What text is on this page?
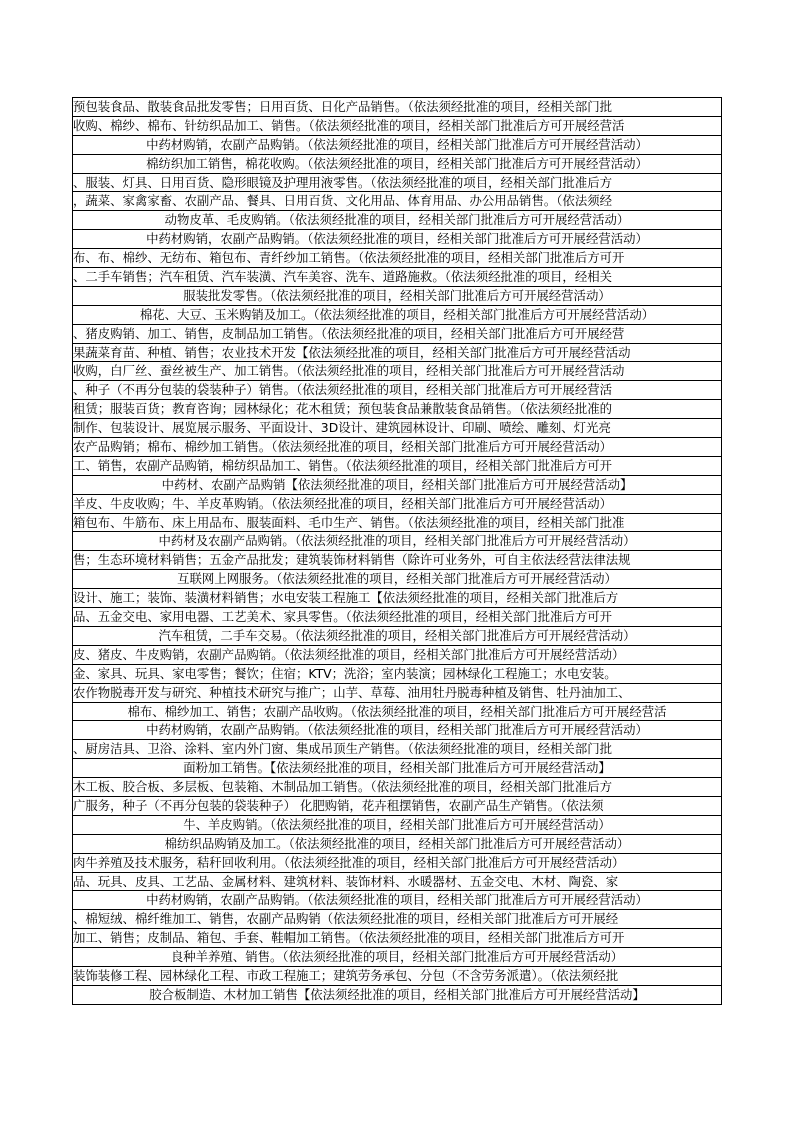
预包装食品、散装食品批发零售；日用百货、日化产品销售。（依法须经批准的项目，经相关部门批
收购、棉纱、棉布、针纺织品加工、销售。（依法须经批准的项目，经相关部门批准后方可开展经营活
中药材购销，农副产品购销。（依法须经批准的项目，经相关部门批准后方可开展经营活动）
棉纺织加工销售，棉花收购。（依法须经批准的项目，经相关部门批准后方可开展经营活动）
、服装、灯具、日用百货、隐形眼镜及护理用液零售。（依法须经批准的项目，经相关部门批准后方
，蔬菜、家禽家畜、农副产品、餐具、日用百货、文化用品、体育用品、办公用品销售。（依法须经
动物皮革、毛皮购销。（依法须经批准的项目，经相关部门批准后方可开展经营活动）
中药材购销，农副产品购销。（依法须经批准的项目，经相关部门批准后方可开展经营活动）
布、布、棉纱、无纺布、箱包布、青纤纱加工销售。（依法须经批准的项目，经相关部门批准后方可开
、二手车销售；汽车租赁、汽车装潢、汽车美容、洗车、道路施救。（依法须经批准的项目，经相关
服装批发零售。（依法须经批准的项目，经相关部门批准后方可开展经营活动）
棉花、大豆、玉米购销及加工。（依法须经批准的项目，经相关部门批准后方可开展经营活动）
、猪皮购销、加工、销售，皮制品加工销售。（依法须经批准的项目，经相关部门批准后方可开展经营
果蔬菜育苗、种植、销售；农业技术开发【依法须经批准的项目，经相关部门批准后方可开展经营活动
收购，白厂丝、蚕丝被生产、加工销售。（依法须经批准的项目，经相关部门批准后方可开展经营活动
、种子（不再分包装的袋装种子）销售。（依法须经批准的项目，经相关部门批准后方可开展经营活
租赁；服装百货；教育咨询；园林绿化；花木租赁；预包装食品兼散装食品销售。（依法须经批准的
制作、包装设计、展览展示服务、平面设计、3D设计、建筑园林设计、印刷、喷绘、雕刻、灯光亮
农产品购销；棉布、棉纱加工销售。（依法须经批准的项目，经相关部门批准后方可开展经营活动）
工、销售，农副产品购销，棉纺织品加工、销售。（依法须经批准的项目，经相关部门批准后方可开
中药材、农副产品购销【依法须经批准的项目，经相关部门批准后方可开展经营活动】
羊皮、牛皮收购；牛、羊皮革购销。（依法须经批准的项目，经相关部门批准后方可开展经营活动）
箱包布、牛筋布、床上用品布、服装面料、毛巾生产、销售。（依法须经批准的项目，经相关部门批准
中药材及农副产品购销。（依法须经批准的项目，经相关部门批准后方可开展经营活动）
售；生态环境材料销售；五金产品批发；建筑装饰材料销售（除许可业务外，可自主依法经营法律法规
互联网上网服务。（依法须经批准的项目，经相关部门批准后方可开展经营活动）
设计、施工；装饰、装潢材料销售；水电安装工程施工【依法须经批准的项目，经相关部门批准后方
品、五金交电、家用电器、工艺美术、家具零售。（依法须经批准的项目，经相关部门批准后方可开
汽车租赁，二手车交易。（依法须经批准的项目，经相关部门批准后方可开展经营活动）
皮、猪皮、牛皮购销，农副产品购销。（依法须经批准的项目，经相关部门批准后方可开展经营活动）
金、家具、玩具、家电零售；餐饮；住宿；KTV；洗浴；室内装演；园林绿化工程施工；水电安装。
农作物脱毒开发与研究、种植技术研究与推广；山芋、草莓、油用牡丹脱毒种植及销售、牡丹油加工、
棉布、棉纱加工、销售；农副产品收购。（依法须经批准的项目，经相关部门批准后方可开展经营活
中药材购销，农副产品购销。（依法须经批准的项目，经相关部门批准后方可开展经营活动）
、厨房洁具、卫浴、涂料、室内外门窗、集成吊顶生产销售。（依法须经批准的项目，经相关部门批
面粉加工销售。【依法须经批准的项目，经相关部门批准后方可开展经营活动】
木工板、胶合板、多层板、包装箱、木制品加工销售。（依法须经批准的项目，经相关部门批准后方
广服务，种子（不再分包装的袋装种子） 化肥购销，花卉租摆销售，农副产品生产销售。（依法须
牛、羊皮购销。（依法须经批准的项目，经相关部门批准后方可开展经营活动）
棉纺织品购销及加工。（依法须经批准的项目，经相关部门批准后方可开展经营活动）
肉牛养殖及技术服务，秸秆回收利用。（依法须经批准的项目，经相关部门批准后方可开展经营活动）
品、玩具、皮具、工艺品、金属材料、建筑材料、装饰材料、水暖器材、五金交电、木材、陶瓷、家
中药材购销，农副产品购销。（依法须经批准的项目，经相关部门批准后方可开展经营活动）
、棉短绒、棉纤维加工、销售，农副产品购销（依法须经批准的项目，经相关部门批准后方可开展经
加工、销售；皮制品、箱包、手套、鞋帽加工销售。（依法须经批准的项目，经相关部门批准后方可开
良种羊养殖、销售。（依法须经批准的项目，经相关部门批准后方可开展经营活动）
装饰装修工程、园林绿化工程、市政工程施工；建筑劳务承包、分包（不含劳务派遣）。（依法须经批
胶合板制造、木材加工销售【依法须经批准的项目，经相关部门批准后方可开展经营活动】
